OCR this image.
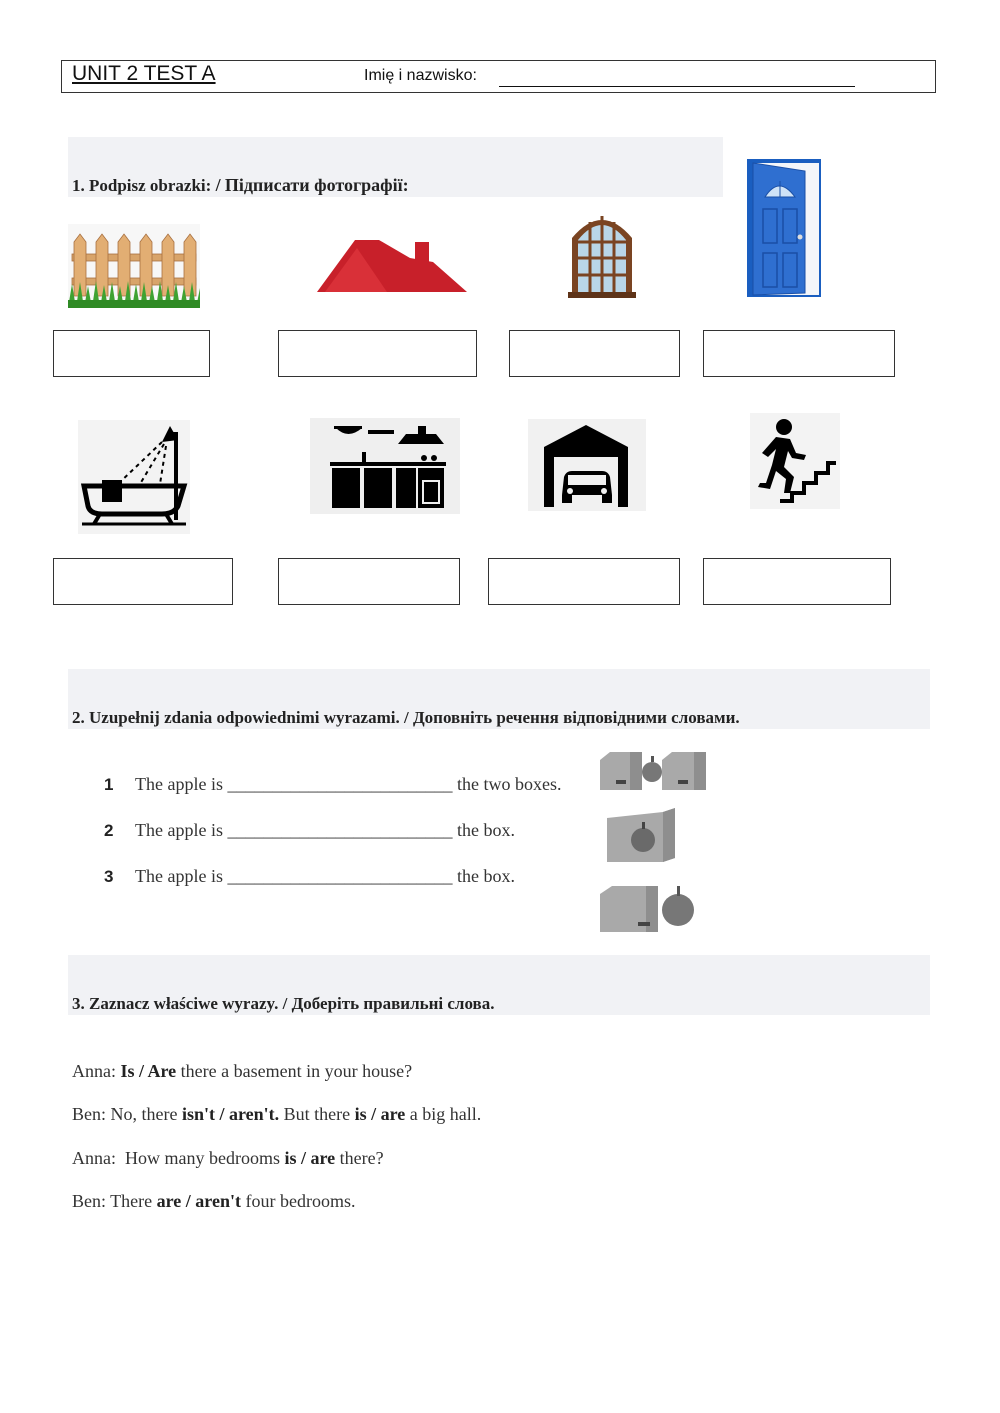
UNIT 2 TEST A	Imię i nazwisko:
1. Podpisz obrazki: / Підписати фотографії:
2. Uzupełnij zdania odpowiednimi wyrazami. / Доповніть речення відповідними словами.
1 The apple is _________________________ the two boxes.
2 The apple is _________________________ the box.
3 The apple is _________________________ the box.
3. Zaznacz właściwe wyrazy. / Доберіть правильні слова.
Anna: Is / Are there a basement in your house?
Ben: No, there isn't / aren't. But there is / are a big hall.
Anna:  How many bedrooms is / are there?
Ben: There are / aren't four bedrooms.
